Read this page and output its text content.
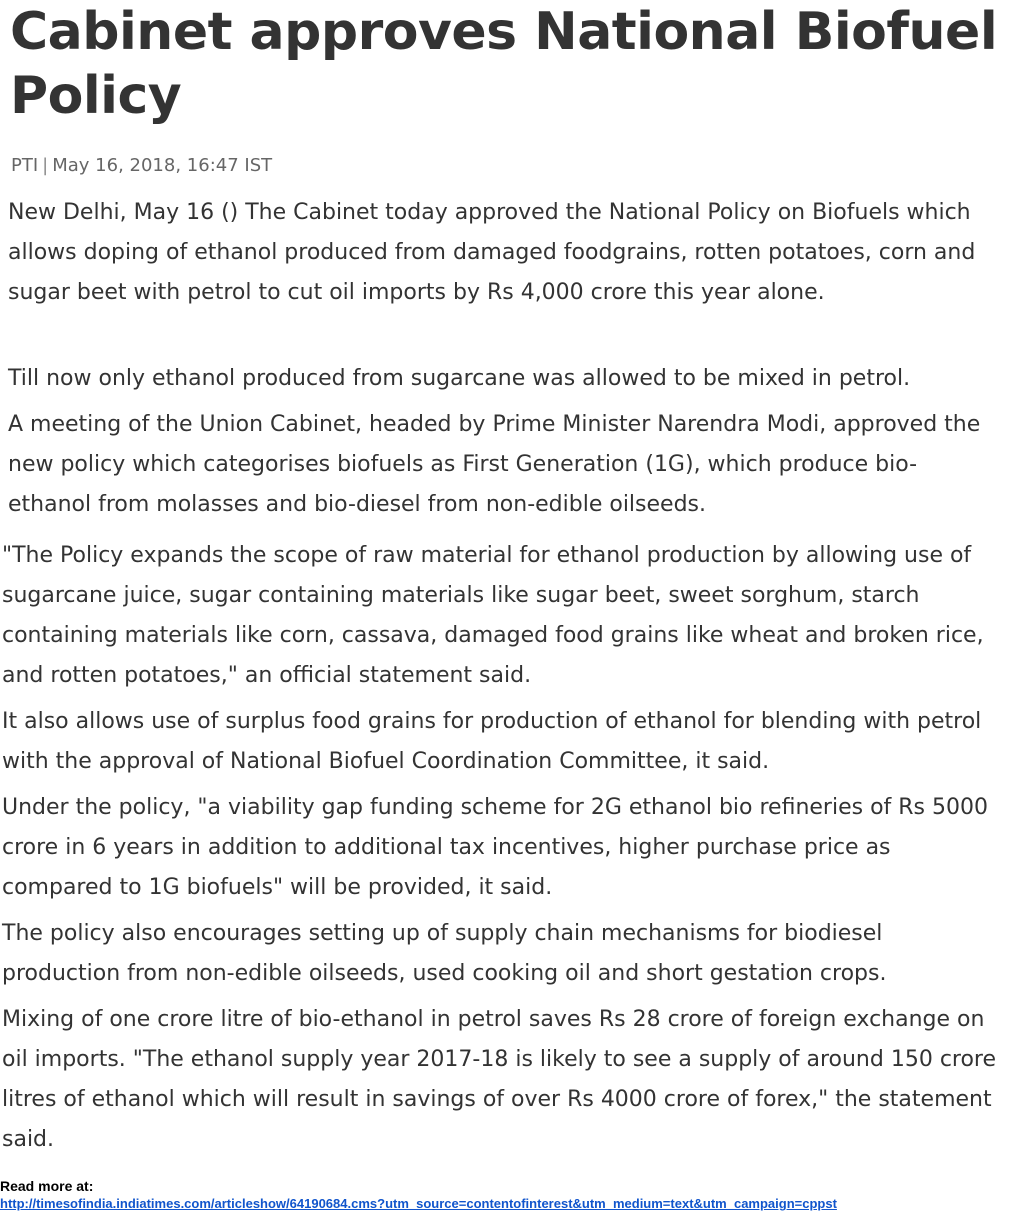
Cabinet approves National Biofuel Policy
PTI | May 16, 2018, 16:47 IST

New Delhi, May 16 () The Cabinet today approved the National Policy on Biofuels which allows doping of ethanol produced from damaged foodgrains, rotten potatoes, corn and sugar beet with petrol to cut oil imports by Rs 4,000 crore this year alone.

Till now only ethanol produced from sugarcane was allowed to be mixed in petrol.

A meeting of the Union Cabinet, headed by Prime Minister Narendra Modi, approved the new policy which categorises biofuels as First Generation (1G), which produce bio-ethanol from molasses and bio-diesel from non-edible oilseeds.

"The Policy expands the scope of raw material for ethanol production by allowing use of sugarcane juice, sugar containing materials like sugar beet, sweet sorghum, starch containing materials like corn, cassava, damaged food grains like wheat and broken rice, and rotten potatoes," an official statement said.

It also allows use of surplus food grains for production of ethanol for blending with petrol with the approval of National Biofuel Coordination Committee, it said.

Under the policy, "a viability gap funding scheme for 2G ethanol bio refineries of Rs 5000 crore in 6 years in addition to additional tax incentives, higher purchase price as compared to 1G biofuels" will be provided, it said.

The policy also encourages setting up of supply chain mechanisms for biodiesel production from non-edible oilseeds, used cooking oil and short gestation crops.

Mixing of one crore litre of bio-ethanol in petrol saves Rs 28 crore of foreign exchange on oil imports. "The ethanol supply year 2017-18 is likely to see a supply of around 150 crore litres of ethanol which will result in savings of over Rs 4000 crore of forex," the statement said.

Read more at:
http://timesofindia.indiatimes.com/articleshow/64190684.cms?utm_source=contentofinterest&utm_medium=text&utm_campaign=cppst
